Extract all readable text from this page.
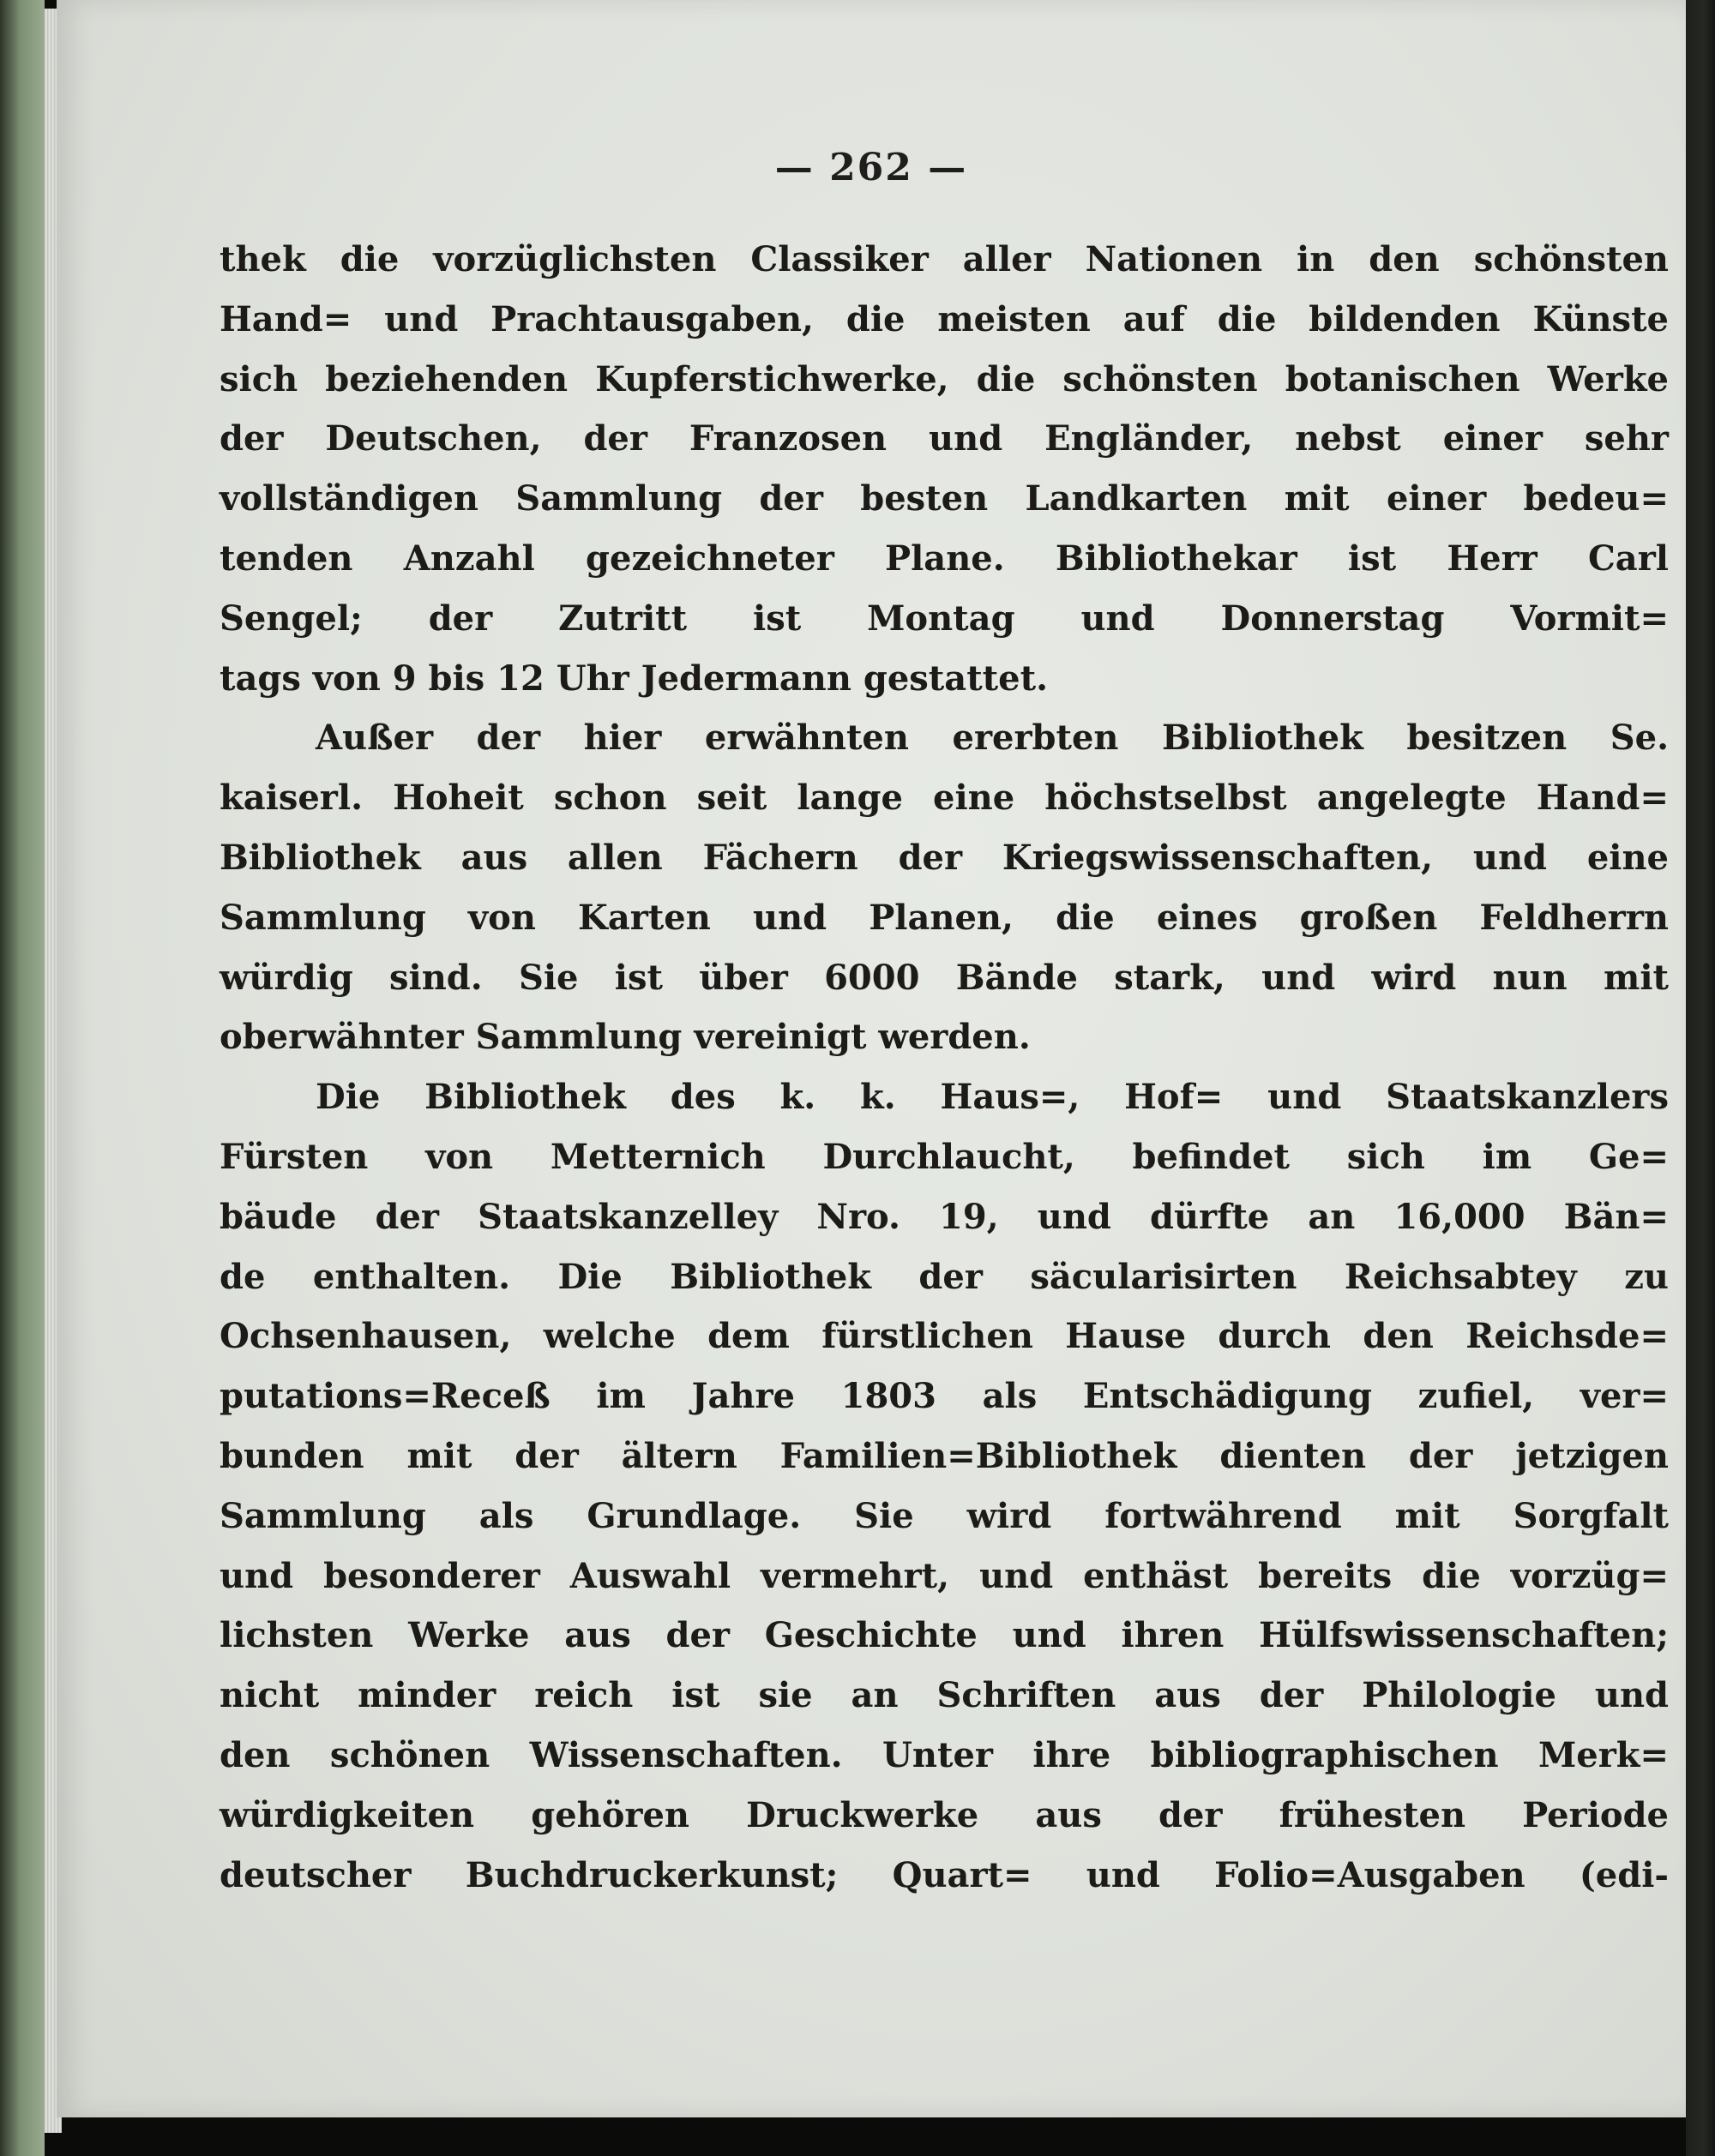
— 262 —

thek die vorzüglichsten Classiker aller Nationen in den schönsten
Hand= und Prachtausgaben, die meisten auf die bildenden Künste
sich beziehenden Kupferstichwerke, die schönsten botanischen Werke
der Deutschen, der Franzosen und Engländer, nebst einer sehr
vollständigen Sammlung der besten Landkarten mit einer bedeu=
tenden Anzahl gezeichneter Plane. Bibliothekar ist Herr Carl
Sengel; der Zutritt ist Montag und Donnerstag Vormit=
tags von 9 bis 12 Uhr Jedermann gestattet.
Außer der hier erwähnten ererbten Bibliothek besitzen Se.
kaiserl. Hoheit schon seit lange eine höchstselbst angelegte Hand=
Bibliothek aus allen Fächern der Kriegswissenschaften, und eine
Sammlung von Karten und Planen, die eines großen Feldherrn
würdig sind. Sie ist über 6000 Bände stark, und wird nun mit
oberwähnter Sammlung vereinigt werden.
Die Bibliothek des k. k. Haus=, Hof= und Staatskanzlers
Fürsten von Metternich Durchlaucht, befindet sich im Ge=
bäude der Staatskanzelley Nro. 19, und dürfte an 16,000 Bän=
de enthalten. Die Bibliothek der säcularisirten Reichsabtey zu
Ochsenhausen, welche dem fürstlichen Hause durch den Reichsde=
putations=Receß im Jahre 1803 als Entschädigung zufiel, ver=
bunden mit der ältern Familien=Bibliothek dienten der jetzigen
Sammlung als Grundlage. Sie wird fortwährend mit Sorgfalt
und besonderer Auswahl vermehrt, und enthäst bereits die vorzüg=
lichsten Werke aus der Geschichte und ihren Hülfswissenschaften;
nicht minder reich ist sie an Schriften aus der Philologie und
den schönen Wissenschaften. Unter ihre bibliographischen Merk=
würdigkeiten gehören Druckwerke aus der frühesten Periode
deutscher Buchdruckerkunst; Quart= und Folio=Ausgaben (edi-
